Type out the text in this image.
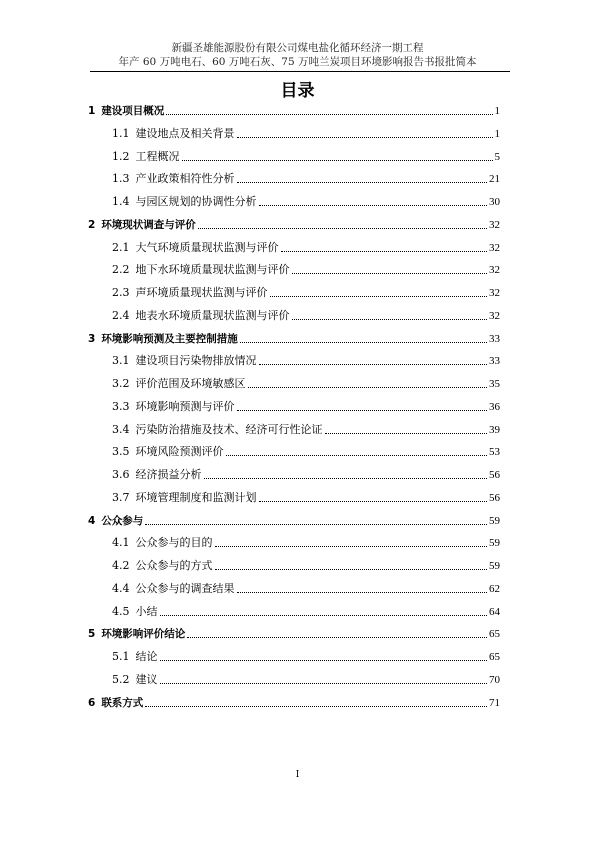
新疆圣雄能源股份有限公司煤电盐化循环经济一期工程
年产 60 万吨电石、60 万吨石灰、75 万吨兰炭项目环境影响报告书报批简本
目录
1 建设项目概况	1
1.1 建设地点及相关背景	1
1.2 工程概况	5
1.3 产业政策相符性分析	21
1.4 与园区规划的协调性分析	30
2 环境现状调查与评价	32
2.1 大气环境质量现状监测与评价	32
2.2 地下水环境质量现状监测与评价	32
2.3 声环境质量现状监测与评价	32
2.4 地表水环境质量现状监测与评价	32
3 环境影响预测及主要控制措施	33
3.1 建设项目污染物排放情况	33
3.2 评价范围及环境敏感区	35
3.3 环境影响预测与评价	36
3.4 污染防治措施及技术、经济可行性论证	39
3.5 环境风险预测评价	53
3.6 经济损益分析	56
3.7 环境管理制度和监测计划	56
4 公众参与	59
4.1 公众参与的目的	59
4.2 公众参与的方式	59
4.4 公众参与的调查结果	62
4.5 小结	64
5 环境影响评价结论	65
5.1 结论	65
5.2 建议	70
6 联系方式	71
I
